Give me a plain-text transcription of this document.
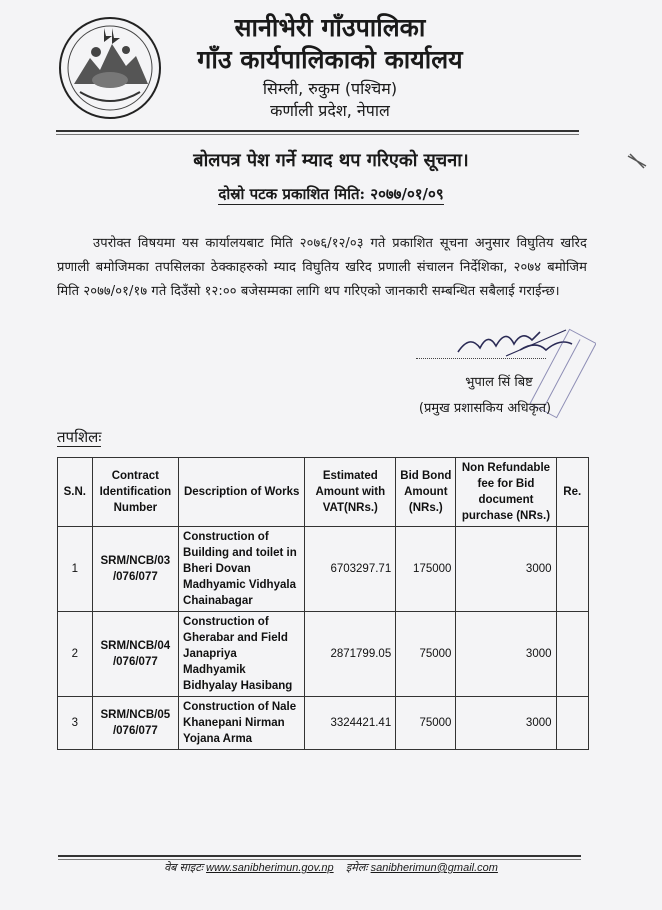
सानीभेरी गाँउपालिका
गाँउ कार्यपालिकाको कार्यालय
सिम्ली, रुकुम (पश्चिम)
कर्णाली प्रदेश, नेपाल
बोलपत्र पेश गर्ने म्याद थप गरिएको सूचना।
दोस्रो पटक प्रकाशित मिति: २०७७/०१/०९
उपरोक्त विषयमा यस कार्यालयबाट मिति २०७६/१२/०३ गते प्रकाशित सूचना अनुसार विघुतिय खरिद प्रणाली बमोजिमका तपसिलका ठेक्काहरुको म्याद विघुतिय खरिद प्रणाली संचालन निर्देशिका, २०७४ बमोजिम मिति २०७७/०१/१७ गते दिउँसो १२:०० बजेसम्मका लागि थप गरिएको जानकारी सम्बन्धित सबैलाई गराईन्छ।
भुपाल सिं बिष्ट
(प्रमुख प्रशासकिय अधिकृत)
तपशिलः
S.N.	Contract Identification Number	Description of Works	Estimated Amount with VAT(NRs.)	Bid Bond Amount (NRs.)	Non Refundable fee for Bid document purchase (NRs.)	Re.
1	SRM/NCB/03 /076/077	Construction of Building and toilet in Bheri Dovan Madhyamic Vidhyala Chainabagar	6703297.71	175000	3000	
2	SRM/NCB/04 /076/077	Construction of Gherabar and Field Janapriya Madhyamik Bidhyalay Hasibang	2871799.05	75000	3000	
3	SRM/NCB/05 /076/077	Construction of Nale Khanepani Nirman Yojana Arma	3324421.41	75000	3000	
वेब साइटः www.sanibherimun.gov.np इमेलः sanibherimun@gmail.com
